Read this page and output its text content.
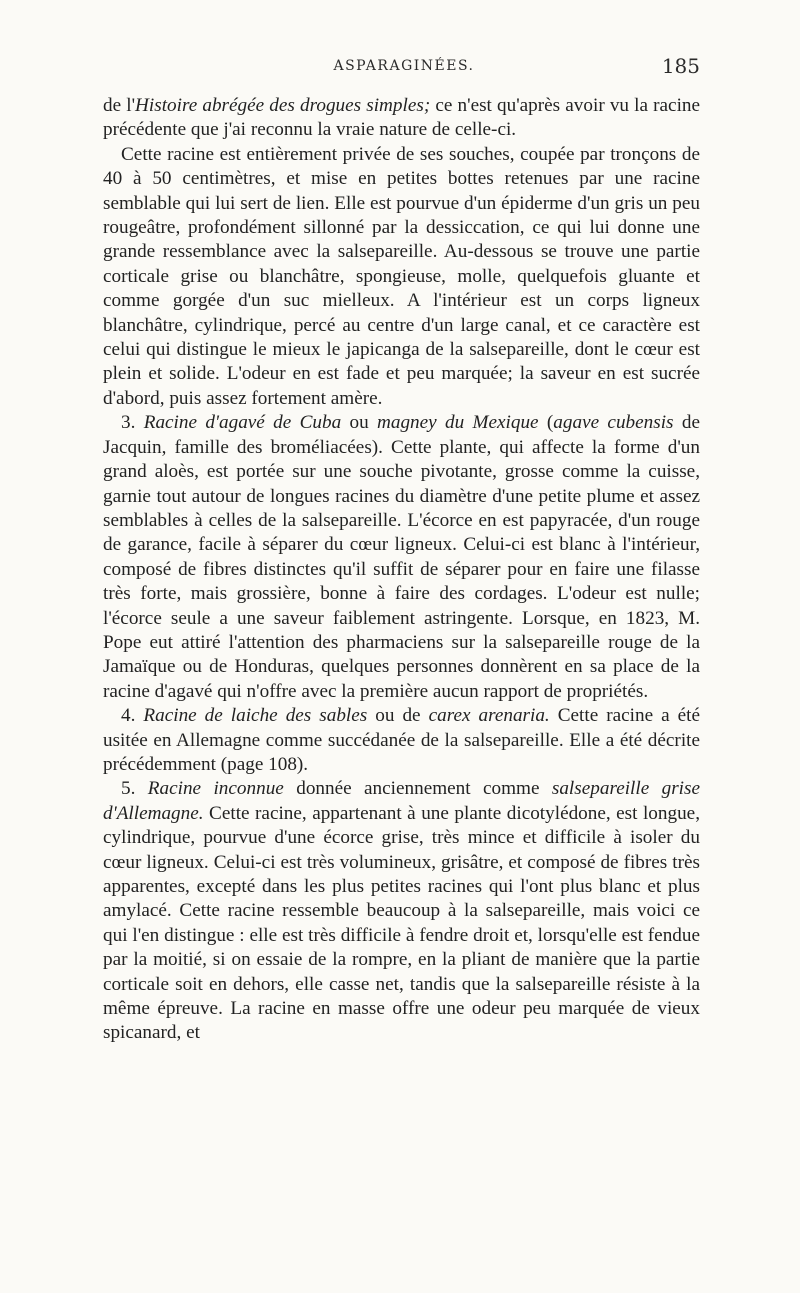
ASPARAGINÉES.	185

de l'Histoire abrégée des drogues simples; ce n'est qu'après avoir vu la racine précédente que j'ai reconnu la vraie nature de celle-ci.

Cette racine est entièrement privée de ses souches, coupée par tronçons de 40 à 50 centimètres, et mise en petites bottes retenues par une racine semblable qui lui sert de lien. Elle est pourvue d'un épiderme d'un gris un peu rougeâtre, profondément sillonné par la dessiccation, ce qui lui donne une grande ressemblance avec la salsepareille. Au-dessous se trouve une partie corticale grise ou blanchâtre, spongieuse, molle, quelquefois gluante et comme gorgée d'un suc mielleux. A l'intérieur est un corps ligneux blanchâtre, cylindrique, percé au centre d'un large canal, et ce caractère est celui qui distingue le mieux le japicanga de la salsepareille, dont le cœur est plein et solide. L'odeur en est fade et peu marquée; la saveur en est sucrée d'abord, puis assez fortement amère.

3. Racine d'agavé de Cuba ou magney du Mexique (agave cubensis de Jacquin, famille des broméliacées). Cette plante, qui affecte la forme d'un grand aloès, est portée sur une souche pivotante, grosse comme la cuisse, garnie tout autour de longues racines du diamètre d'une petite plume et assez semblables à celles de la salsepareille. L'écorce en est papyracée, d'un rouge de garance, facile à séparer du cœur ligneux. Celui-ci est blanc à l'intérieur, composé de fibres distinctes qu'il suffit de séparer pour en faire une filasse très forte, mais grossière, bonne à faire des cordages. L'odeur est nulle; l'écorce seule a une saveur faiblement astringente. Lorsque, en 1823, M. Pope eut attiré l'attention des pharmaciens sur la salsepareille rouge de la Jamaïque ou de Honduras, quelques personnes donnèrent en sa place de la racine d'agavé qui n'offre avec la première aucun rapport de propriétés.

4. Racine de laiche des sables ou de carex arenaria. Cette racine a été usitée en Allemagne comme succédanée de la salsepareille. Elle a été décrite précédemment (page 108).

5. Racine inconnue donnée anciennement comme salsepareille grise d'Allemagne. Cette racine, appartenant à une plante dicotylédone, est longue, cylindrique, pourvue d'une écorce grise, très mince et difficile à isoler du cœur ligneux. Celui-ci est très volumineux, grisâtre, et composé de fibres très apparentes, excepté dans les plus petites racines qui l'ont plus blanc et plus amylacé. Cette racine ressemble beaucoup à la salsepareille, mais voici ce qui l'en distingue : elle est très difficile à fendre droit et, lorsqu'elle est fendue par la moitié, si on essaie de la rompre, en la pliant de manière que la partie corticale soit en dehors, elle casse net, tandis que la salsepareille résiste à la même épreuve. La racine en masse offre une odeur peu marquée de vieux spicanard, et
